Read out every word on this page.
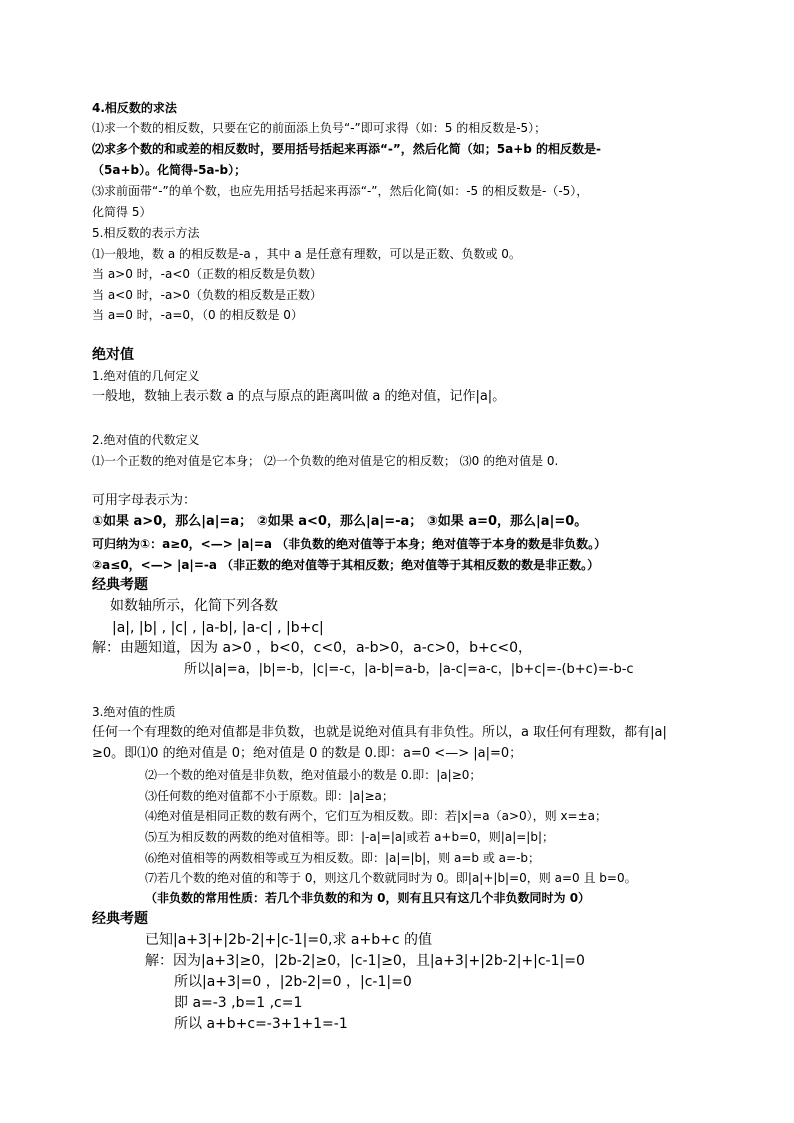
4.相反数的求法
⑴求一个数的相反数，只要在它的前面添上负号“-”即可求得（如：5 的相反数是-5）；
⑵求多个数的和或差的相反数时，要用括号括起来再添“-”，然后化简（如；5a+b 的相反数是-
（5a+b）。化简得-5a-b）；
⑶求前面带“-”的单个数，也应先用括号括起来再添“-”，然后化简(如：-5 的相反数是-（-5），
化简得 5）
5.相反数的表示方法
⑴一般地，数 a 的相反数是-a ，其中 a 是任意有理数，可以是正数、负数或 0。
当 a>0 时，-a<0（正数的相反数是负数）
当 a<0 时，-a>0（负数的相反数是正数）
当 a=0 时，-a=0，（0 的相反数是 0）
绝对值
1.绝对值的几何定义
一般地，数轴上表示数 a 的点与原点的距离叫做 a 的绝对值，记作|a|。
2.绝对值的代数定义
⑴一个正数的绝对值是它本身； ⑵一个负数的绝对值是它的相反数； ⑶0 的绝对值是 0.
可用字母表示为：
①如果 a>0，那么|a|=a； ②如果 a<0，那么|a|=-a； ③如果 a=0，那么|a|=0。
可归纳为①：a≥0，<—> |a|=a （非负数的绝对值等于本身；绝对值等于本身的数是非负数。）
②a≤0，<—> |a|=-a （非正数的绝对值等于其相反数；绝对值等于其相反数的数是非正数。）
经典考题
如数轴所示，化简下列各数
|a|, |b| , |c| , |a-b|, |a-c| , |b+c|
解：由题知道，因为 a>0 ，b<0，c<0，a-b>0，a-c>0，b+c<0，
所以|a|=a，|b|=-b，|c|=-c，|a-b|=a-b，|a-c|=a-c，|b+c|=-(b+c)=-b-c
3.绝对值的性质
任何一个有理数的绝对值都是非负数，也就是说绝对值具有非负性。所以，a 取任何有理数，都有|a|
≥0。即⑴0 的绝对值是 0；绝对值是 0 的数是 0.即：a=0 <—> |a|=0；
⑵一个数的绝对值是非负数，绝对值最小的数是 0.即：|a|≥0；
⑶任何数的绝对值都不小于原数。即：|a|≥a；
⑷绝对值是相同正数的数有两个，它们互为相反数。即：若|x|=a（a>0），则 x=±a；
⑸互为相反数的两数的绝对值相等。即：|-a|=|a|或若 a+b=0，则|a|=|b|；
⑹绝对值相等的两数相等或互为相反数。即：|a|=|b|，则 a=b 或 a=-b；
⑺若几个数的绝对值的和等于 0，则这几个数就同时为 0。即|a|+|b|=0，则 a=0 且 b=0。
（非负数的常用性质：若几个非负数的和为 0，则有且只有这几个非负数同时为 0）
经典考题
已知|a+3|+|2b-2|+|c-1|=0,求 a+b+c 的值
解：因为|a+3|≥0，|2b-2|≥0，|c-1|≥0，且|a+3|+|2b-2|+|c-1|=0
所以|a+3|=0 ，|2b-2|=0 ，|c-1|=0
即 a=-3 ,b=1 ,c=1
所以 a+b+c=-3+1+1=-1
